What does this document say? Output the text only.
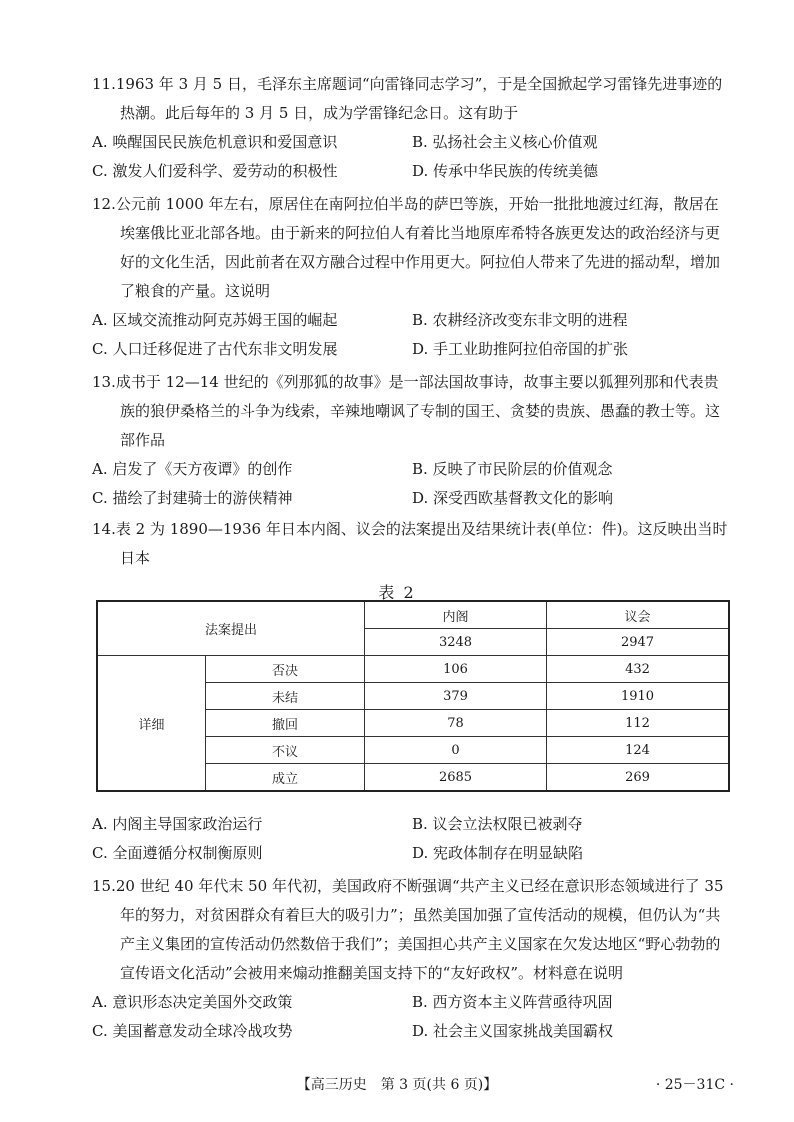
11.1963 年 3 月 5 日，毛泽东主席题词“向雷锋同志学习”，于是全国掀起学习雷锋先进事迹的热潮。此后每年的 3 月 5 日，成为学雷锋纪念日。这有助于
A. 唤醒国民民族危机意识和爱国意识	B. 弘扬社会主义核心价值观
C. 激发人们爱科学、爱劳动的积极性	D. 传承中华民族的传统美德
12.公元前 1000 年左右，原居住在南阿拉伯半岛的萨巴等族，开始一批批地渡过红海，散居在埃塞俄比亚北部各地。由于新来的阿拉伯人有着比当地原库希特各族更发达的政治经济与更好的文化生活，因此前者在双方融合过程中作用更大。阿拉伯人带来了先进的摇动犁，增加了粮食的产量。这说明
A. 区域交流推动阿克苏姆王国的崛起	B. 农耕经济改变东非文明的进程
C. 人口迁移促进了古代东非文明发展	D. 手工业助推阿拉伯帝国的扩张
13.成书于 12—14 世纪的《列那狐的故事》是一部法国故事诗，故事主要以狐狸列那和代表贵族的狼伊桑格兰的斗争为线索，辛辣地嘲讽了专制的国王、贪婪的贵族、愚蠢的教士等。这部作品
A. 启发了《天方夜谭》的创作	B. 反映了市民阶层的价值观念
C. 描绘了封建骑士的游侠精神	D. 深受西欧基督教文化的影响
14.表 2 为 1890—1936 年日本内阁、议会的法案提出及结果统计表(单位：件)。这反映出当时日本
表 2
法案提出		内阁	议会
		3248	2947
详细	否决	106	432
	未结	379	1910
	撤回	78	112
	不议	0	124
	成立	2685	269
A. 内阁主导国家政治运行	B. 议会立法权限已被剥夺
C. 全面遵循分权制衡原则	D. 宪政体制存在明显缺陷
15.20 世纪 40 年代末 50 年代初，美国政府不断强调“共产主义已经在意识形态领域进行了 35 年的努力，对贫困群众有着巨大的吸引力”；虽然美国加强了宣传活动的规模，但仍认为“共产主义集团的宣传活动仍然数倍于我们”；美国担心共产主义国家在欠发达地区“野心勃勃的宣传语文化活动”会被用来煽动推翻美国支持下的“友好政权”。材料意在说明
A. 意识形态决定美国外交政策	B. 西方资本主义阵营亟待巩固
C. 美国蓄意发动全球冷战攻势	D. 社会主义国家挑战美国霸权
【高三历史　第 3 页(共 6 页)】	· 25－31C ·
